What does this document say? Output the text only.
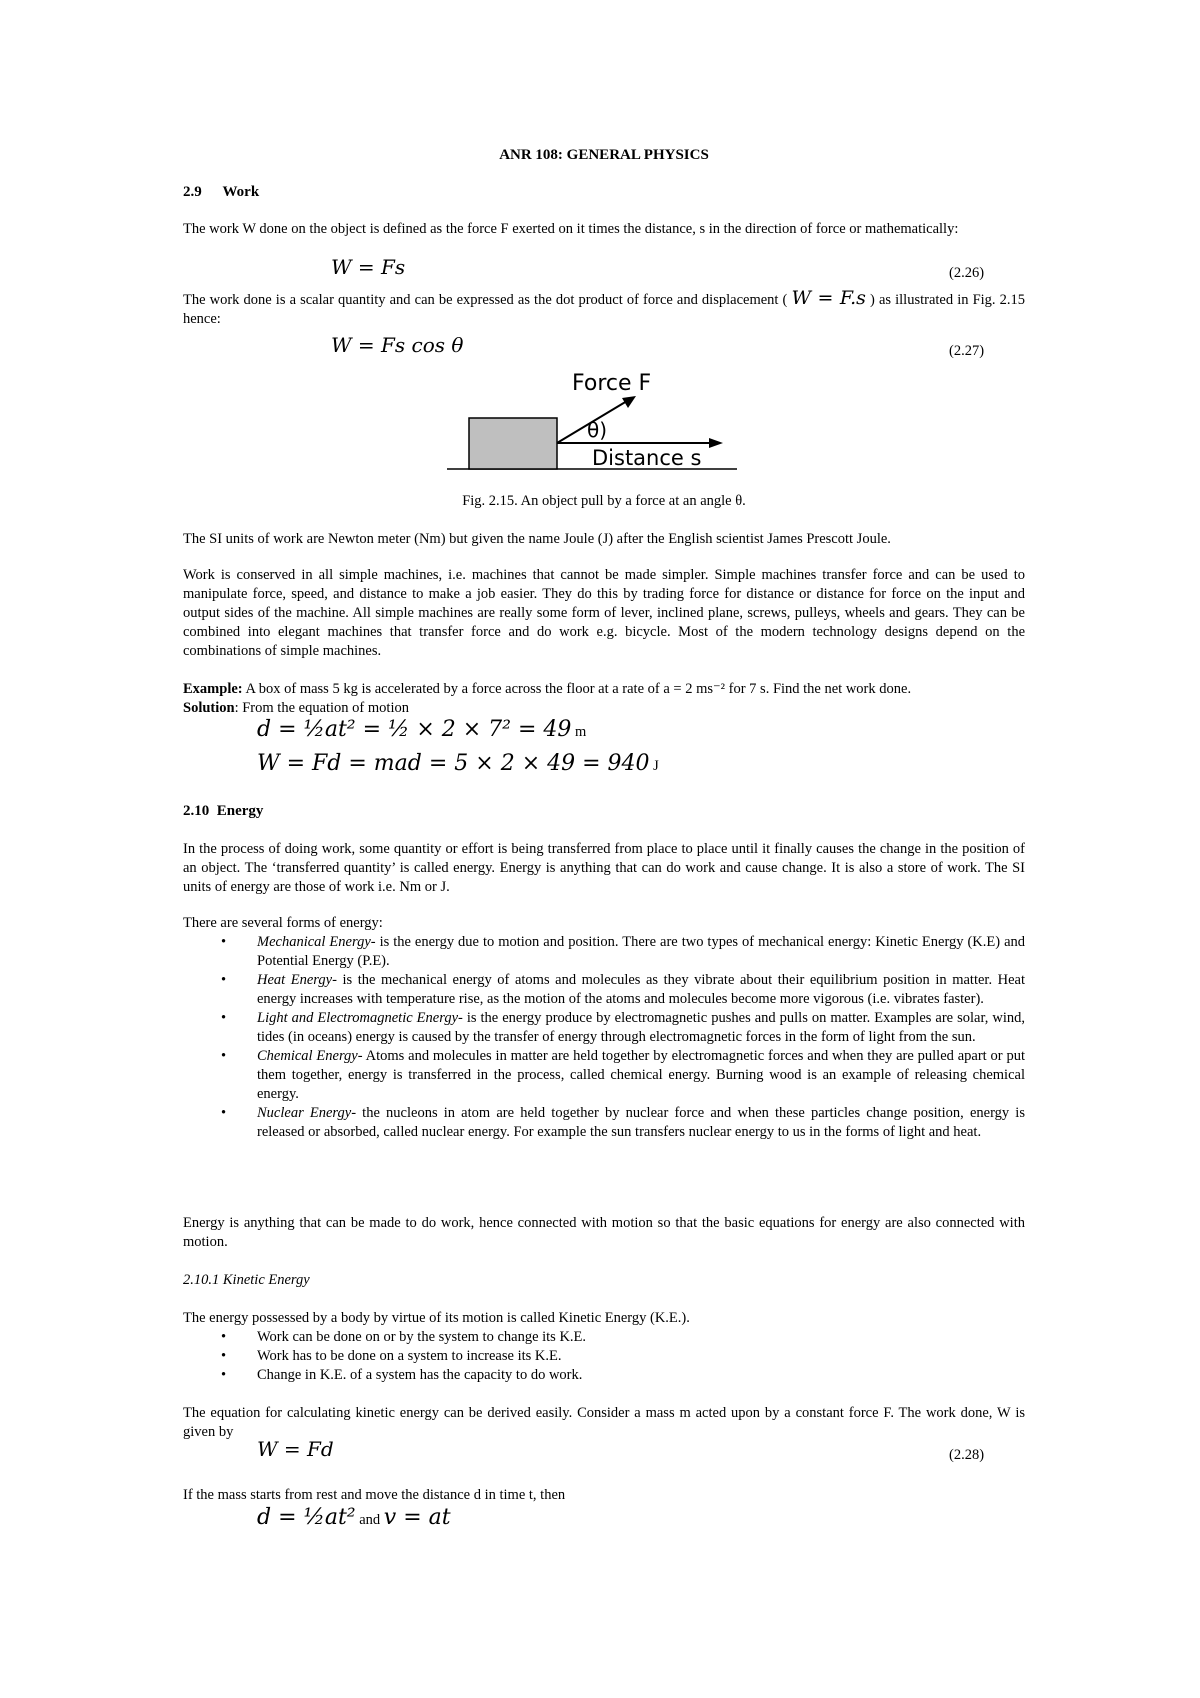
ANR 108: GENERAL PHYSICS
2.9 Work
The work W done on the object is defined as the force F exerted on it times the distance, s in the direction of force or mathematically:
W = Fs	(2.26)
The work done is a scalar quantity and can be expressed as the dot product of force and displacement ( W = F.s ) as illustrated in Fig. 2.15 hence:
W = Fs cos θ	(2.27)
Force F
θ)
Distance s
Fig. 2.15. An object pull by a force at an angle θ.
The SI units of work are Newton meter (Nm) but given the name Joule (J) after the English scientist James Prescott Joule.
Work is conserved in all simple machines, i.e. machines that cannot be made simpler. Simple machines transfer force and can be used to manipulate force, speed, and distance to make a job easier. They do this by trading force for distance or distance for force on the input and output sides of the machine. All simple machines are really some form of lever, inclined plane, screws, pulleys, wheels and gears. They can be combined into elegant machines that transfer force and do work e.g. bicycle. Most of the modern technology designs depend on the combinations of simple machines.
Example: A box of mass 5 kg is accelerated by a force across the floor at a rate of a = 2 ms⁻² for 7 s. Find the net work done.
Solution: From the equation of motion
d = ½at² = ½ × 2 × 7² = 49 m
W = Fd = mad = 5 × 2 × 49 = 940 J
2.10 Energy
In the process of doing work, some quantity or effort is being transferred from place to place until it finally causes the change in the position of an object. The ‘transferred quantity’ is called energy. Energy is anything that can do work and cause change. It is also a store of work. The SI units of energy are those of work i.e. Nm or J.
There are several forms of energy:
• Mechanical Energy- is the energy due to motion and position. There are two types of mechanical energy: Kinetic Energy (K.E) and Potential Energy (P.E).
• Heat Energy- is the mechanical energy of atoms and molecules as they vibrate about their equilibrium position in matter. Heat energy increases with temperature rise, as the motion of the atoms and molecules become more vigorous (i.e. vibrates faster).
• Light and Electromagnetic Energy- is the energy produce by electromagnetic pushes and pulls on matter. Examples are solar, wind, tides (in oceans) energy is caused by the transfer of energy through electromagnetic forces in the form of light from the sun.
• Chemical Energy- Atoms and molecules in matter are held together by electromagnetic forces and when they are pulled apart or put them together, energy is transferred in the process, called chemical energy. Burning wood is an example of releasing chemical energy.
• Nuclear Energy- the nucleons in atom are held together by nuclear force and when these particles change position, energy is released or absorbed, called nuclear energy. For example the sun transfers nuclear energy to us in the forms of light and heat.
Energy is anything that can be made to do work, hence connected with motion so that the basic equations for energy are also connected with motion.
2.10.1 Kinetic Energy
The energy possessed by a body by virtue of its motion is called Kinetic Energy (K.E.).
• Work can be done on or by the system to change its K.E.
• Work has to be done on a system to increase its K.E.
• Change in K.E. of a system has the capacity to do work.
The equation for calculating kinetic energy can be derived easily. Consider a mass m acted upon by a constant force F. The work done, W is given by
W = Fd	(2.28)
If the mass starts from rest and move the distance d in time t, then
d = ½at² and v = at
